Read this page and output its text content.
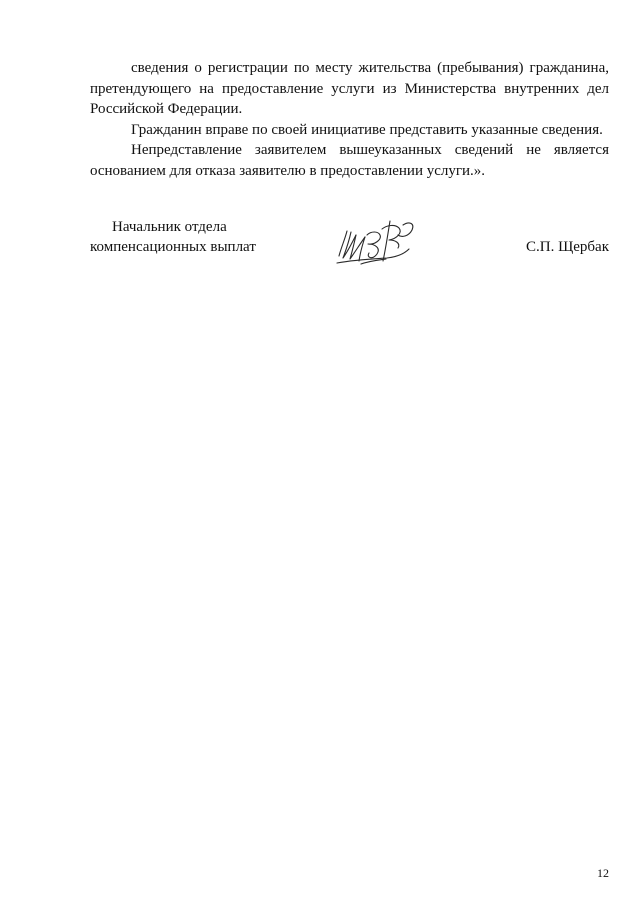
сведения о регистрации по месту жительства (пребывания) гражданина, претендующего на предоставление услуги из Министерства внутренних дел Российской Федерации.

Гражданин вправе по своей инициативе представить указанные сведения.

Непредставление заявителем вышеуказанных сведений не является основанием для отказа заявителю в предоставлении услуги.».

Начальник отдела
компенсационных выплат	С.П. Щербак
12
